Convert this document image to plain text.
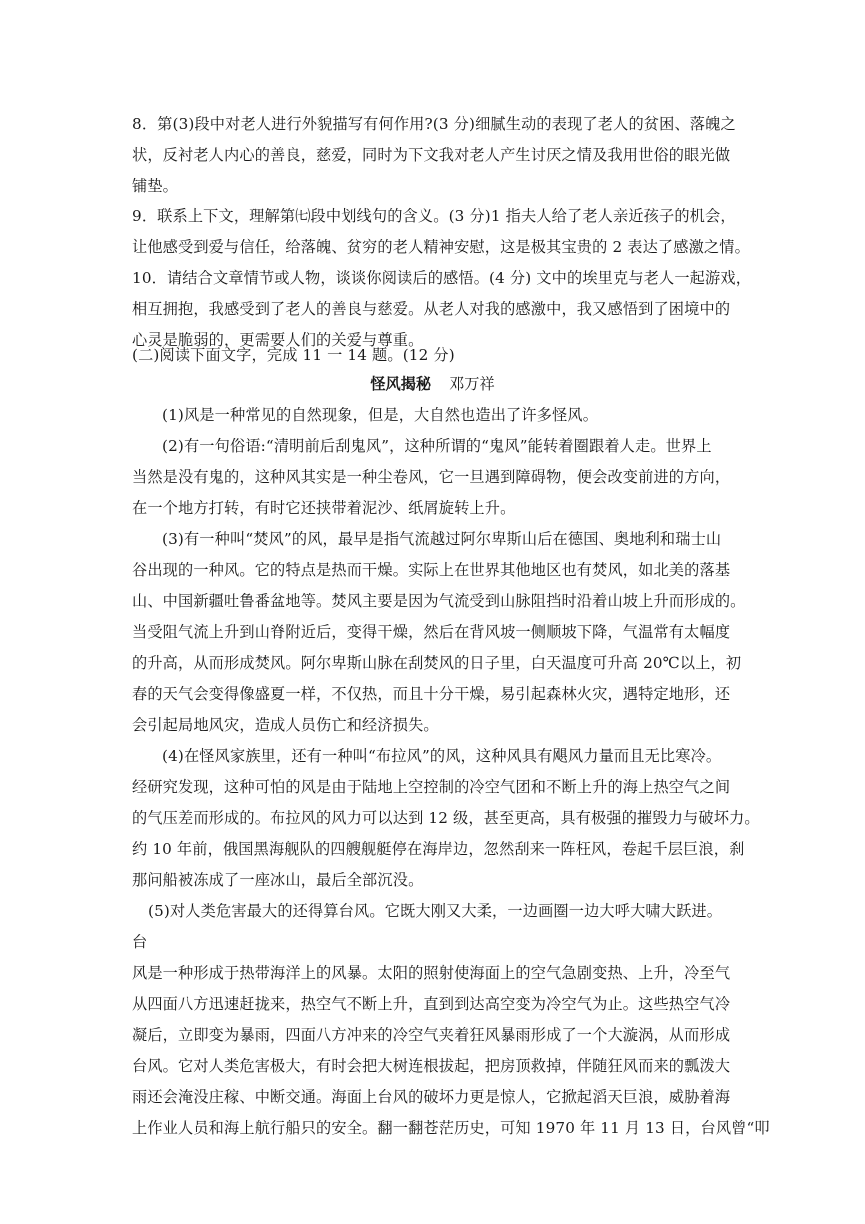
8．第(3)段中对老人进行外貌描写有何作用?(3 分)细腻生动的表现了老人的贫困、落魄之
状，反衬老人内心的善良，慈爱，同时为下文我对老人产生讨厌之情及我用世俗的眼光做
铺垫。
9．联系上下文，理解第㈦段中划线句的含义。(3 分)1 指夫人给了老人亲近孩子的机会，
让他感受到爱与信任，给落魄、贫穷的老人精神安慰，这是极其宝贵的 2 表达了感激之情。
10．请结合文章情节或人物，谈谈你阅读后的感悟。(4 分) 文中的埃里克与老人一起游戏，
相互拥抱，我感受到了老人的善良与慈爱。从老人对我的感激中，我又感悟到了困境中的
心灵是脆弱的，更需要人们的关爱与尊重。
(二)阅读下面文字，完成 11 一 14 题。(12 分)
怪风揭秘 邓万祥
(1)风是一种常见的自然现象，但是，大自然也造出了许多怪风。
(2)有一句俗语:“清明前后刮鬼风”，这种所谓的“鬼风”能转着圈跟着人走。世界上
当然是没有鬼的，这种风其实是一种尘卷风，它一旦遇到障碍物，便会改变前进的方向，
在一个地方打转，有时它还挟带着泥沙、纸屑旋转上升。
(3)有一种叫“焚风”的风，最早是指气流越过阿尔卑斯山后在德国、奥地利和瑞士山
谷出现的一种风。它的特点是热而干燥。实际上在世界其他地区也有焚风，如北美的落基
山、中国新疆吐鲁番盆地等。焚风主要是因为气流受到山脉阻挡时沿着山坡上升而形成的。
当受阻气流上升到山脊附近后，变得干燥，然后在背风坡一侧顺坡下降，气温常有太幅度
的升高，从而形成焚风。阿尔卑斯山脉在刮焚风的日子里，白天温度可升高 20℃以上，初
春的天气会变得像盛夏一样，不仅热，而且十分干燥，易引起森林火灾，遇特定地形，还
会引起局地风灾，造成人员伤亡和经济损失。
(4)在怪风家族里，还有一种叫“布拉风”的风，这种风具有飓风力量而且无比寒冷。
经研究发现，这种可怕的风是由于陆地上空控制的冷空气团和不断上升的海上热空气之间
的气压差而形成的。布拉风的风力可以达到 12 级，甚至更高，具有极强的摧毁力与破坏力。
约 10 年前，俄国黑海舰队的四艘舰艇停在海岸边，忽然刮来一阵枉风，卷起千层巨浪，刹
那问船被冻成了一座冰山，最后全部沉没。
(5)对人类危害最大的还得算台风。它既大刚又大柔，一边画圈一边大呼大啸大跃进。
台
风是一种形成于热带海洋上的风暴。太阳的照射使海面上的空气急剧变热、上升，冷至气
从四面八方迅速赶拢来，热空气不断上升，直到到达高空变为冷空气为止。这些热空气冷
凝后，立即变为暴雨，四面八方冲来的冷空气夹着狂风暴雨形成了一个大漩涡，从而形成
台风。它对人类危害极大，有时会把大树连根拔起，把房顶救掉，伴随狂风而来的瓢泼大
雨还会淹没庄稼、中断交通。海面上台风的破坏力更是惊人，它掀起滔天巨浪，威胁着海
上作业人员和海上航行船只的安全。翻一翻苍茫历史，可知 1970 年 11 月 13 日，台风曾“叩
